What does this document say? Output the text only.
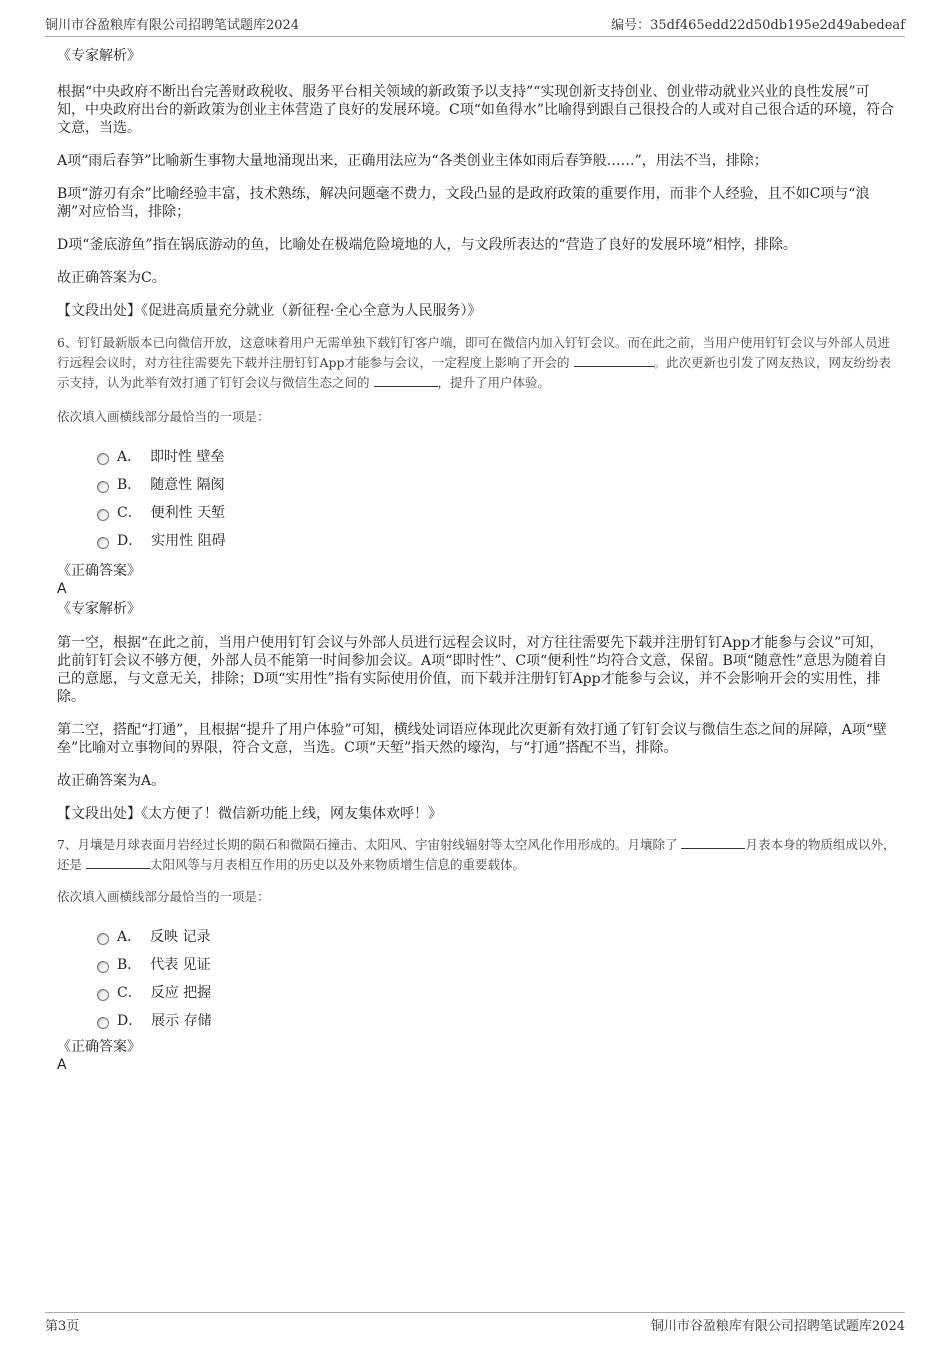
铜川市谷盈粮库有限公司招聘笔试题库2024	编号：35df465edd22d50db195e2d49abedeaf

《专家解析》

根据“中央政府不断出台完善财政税收、服务平台相关领域的新政策予以支持”“实现创新支持创业、创业带动就业兴业的良性发展”可知，中央政府出台的新政策为创业主体营造了良好的发展环境。C项“如鱼得水”比喻得到跟自己很投合的人或对自己很合适的环境，符合文意，当选。

A项“雨后春笋”比喻新生事物大量地涌现出来，正确用法应为“各类创业主体如雨后春笋般……”，用法不当，排除；

B项“游刃有余”比喻经验丰富，技术熟练，解决问题毫不费力，文段凸显的是政府政策的重要作用，而非个人经验，且不如C项与“浪潮”对应恰当，排除；

D项“釜底游鱼”指在锅底游动的鱼，比喻处在极端危险境地的人，与文段所表达的“营造了良好的发展环境”相悖，排除。

故正确答案为C。

【文段出处】《促进高质量充分就业（新征程·全心全意为人民服务）》

6、钉钉最新版本已向微信开放，这意味着用户无需单独下载钉钉客户端，即可在微信内加入钉钉会议。而在此之前，当用户使用钉钉会议与外部人员进行远程会议时，对方往往需要先下载并注册钉钉App才能参与会议，一定程度上影响了开会的	。此次更新也引发了网友热议，网友纷纷表示支持，认为此举有效打通了钉钉会议与微信生态之间的	，提升了用户体验。

依次填入画横线部分最恰当的一项是：

A． 即时性 壁垒
B． 随意性 隔阂
C． 便利性 天堑
D． 实用性 阻碍

《正确答案》

A

《专家解析》

第一空，根据“在此之前，当用户使用钉钉会议与外部人员进行远程会议时，对方往往需要先下载并注册钉钉App才能参与会议”可知，此前钉钉会议不够方便，外部人员不能第一时间参加会议。A项“即时性”、C项“便利性”均符合文意，保留。B项“随意性”意思为随着自己的意愿，与文意无关，排除；D项“实用性”指有实际使用价值，而下载并注册钉钉App才能参与会议，并不会影响开会的实用性，排除。

第二空，搭配“打通”，且根据“提升了用户体验”可知，横线处词语应体现此次更新有效打通了钉钉会议与微信生态之间的屏障，A项“壁垒”比喻对立事物间的界限，符合文意，当选。C项“天堑”指天然的壕沟，与“打通”搭配不当，排除。

故正确答案为A。

【文段出处】《太方便了！微信新功能上线，网友集体欢呼！》

7、月壤是月球表面月岩经过长期的陨石和微陨石撞击、太阳风、宇宙射线辐射等太空风化作用形成的。月壤除了	月表本身的物质组成以外，还是	太阳风等与月表相互作用的历史以及外来物质增生信息的重要载体。

依次填入画横线部分最恰当的一项是：

A． 反映 记录
B． 代表 见证
C． 反应 把握
D． 展示 存储

《正确答案》

A

第3页	铜川市谷盈粮库有限公司招聘笔试题库2024
